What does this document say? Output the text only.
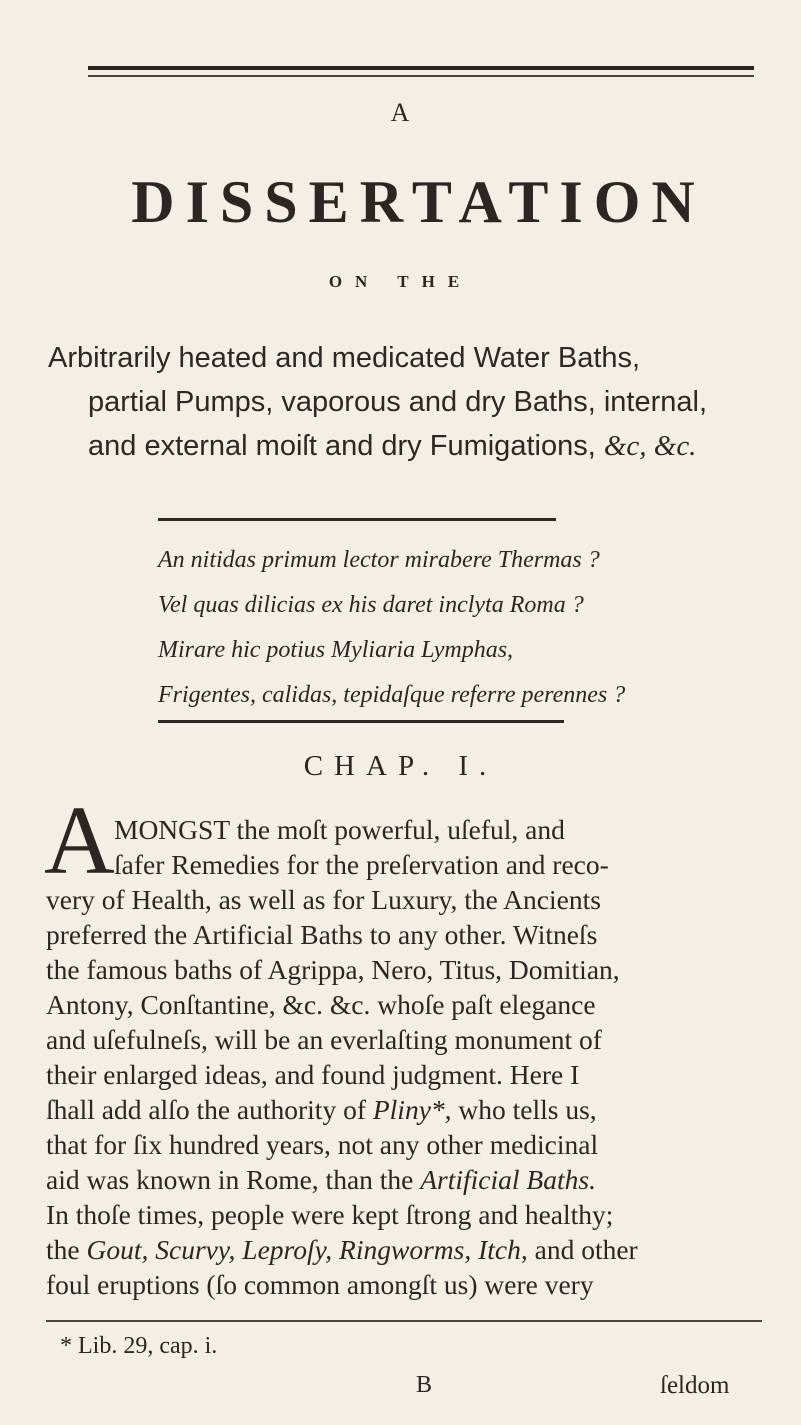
A
DISSERTATION
ON THE
Arbitrarily heated and medicated Water Baths,
partial Pumps, vaporous and dry Baths, internal,
and external moiſt and dry Fumigations, &c, &c.
An nitidas primum lector mirabere Thermas ?
Vel quas dilicias ex his daret inclyta Roma ?
Mirare hic potius Myliaria Lymphas,
Frigentes, calidas, tepidaſque referre perennes ?
CHAP. I.
A MONGST the moſt powerful, uſeful, and
ſafer Remedies for the preſervation and reco-
very of Health, as well as for Luxury, the Ancients
preferred the Artificial Baths to any other. Witneſs
the famous baths of Agrippa, Nero, Titus, Domitian,
Antony, Conſtantine, &c. &c. whoſe paſt elegance
and uſefulneſs, will be an everlaſting monument of
their enlarged ideas, and found judgment. Here I
ſhall add alſo the authority of Pliny*, who tells us,
that for ſix hundred years, not any other medicinal
aid was known in Rome, than the Artificial Baths.
In thoſe times, people were kept ſtrong and healthy;
the Gout, Scurvy, Leproſy, Ringworms, Itch, and other
foul eruptions (ſo common amongſt us) were very
* Lib. 29, cap. i.
B	ſeldom
